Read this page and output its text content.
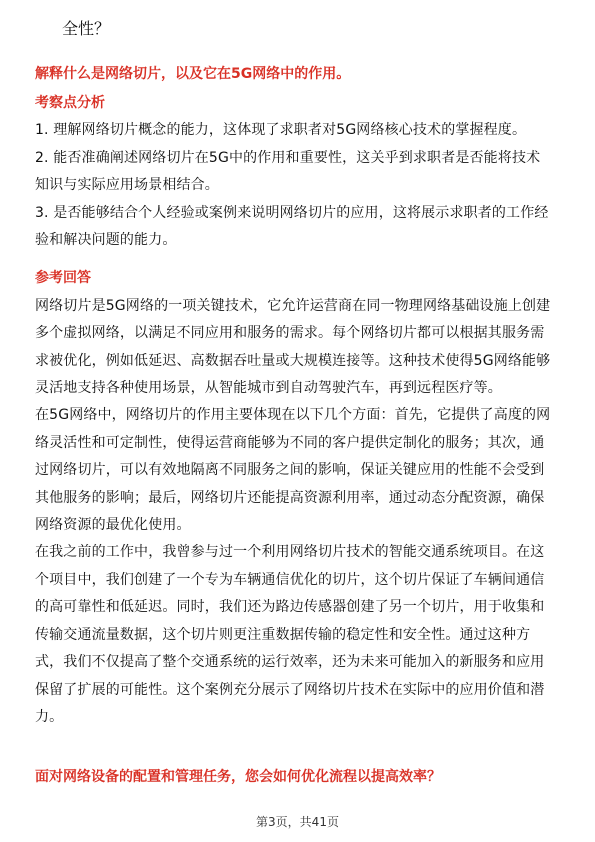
全性？

解释什么是网络切片，以及它在5G网络中的作用。

考察点分析

1. 理解网络切片概念的能力，这体现了求职者对5G网络核心技术的掌握程度。

2. 能否准确阐述网络切片在5G中的作用和重要性，这关乎到求职者是否能将技术

知识与实际应用场景相结合。

3. 是否能够结合个人经验或案例来说明网络切片的应用，这将展示求职者的工作经

验和解决问题的能力。

参考回答

网络切片是5G网络的一项关键技术，它允许运营商在同一物理网络基础设施上创建

多个虚拟网络，以满足不同应用和服务的需求。每个网络切片都可以根据其服务需

求被优化，例如低延迟、高数据吞吐量或大规模连接等。这种技术使得5G网络能够

灵活地支持各种使用场景，从智能城市到自动驾驶汽车，再到远程医疗等。

在5G网络中，网络切片的作用主要体现在以下几个方面：首先，它提供了高度的网

络灵活性和可定制性，使得运营商能够为不同的客户提供定制化的服务；其次，通

过网络切片，可以有效地隔离不同服务之间的影响，保证关键应用的性能不会受到

其他服务的影响；最后，网络切片还能提高资源利用率，通过动态分配资源，确保

网络资源的最优化使用。

在我之前的工作中，我曾参与过一个利用网络切片技术的智能交通系统项目。在这

个项目中，我们创建了一个专为车辆通信优化的切片，这个切片保证了车辆间通信

的高可靠性和低延迟。同时，我们还为路边传感器创建了另一个切片，用于收集和

传输交通流量数据，这个切片则更注重数据传输的稳定性和安全性。通过这种方

式，我们不仅提高了整个交通系统的运行效率，还为未来可能加入的新服务和应用

保留了扩展的可能性。这个案例充分展示了网络切片技术在实际中的应用价值和潜

力。

面对网络设备的配置和管理任务，您会如何优化流程以提高效率？

第3页，共41页
